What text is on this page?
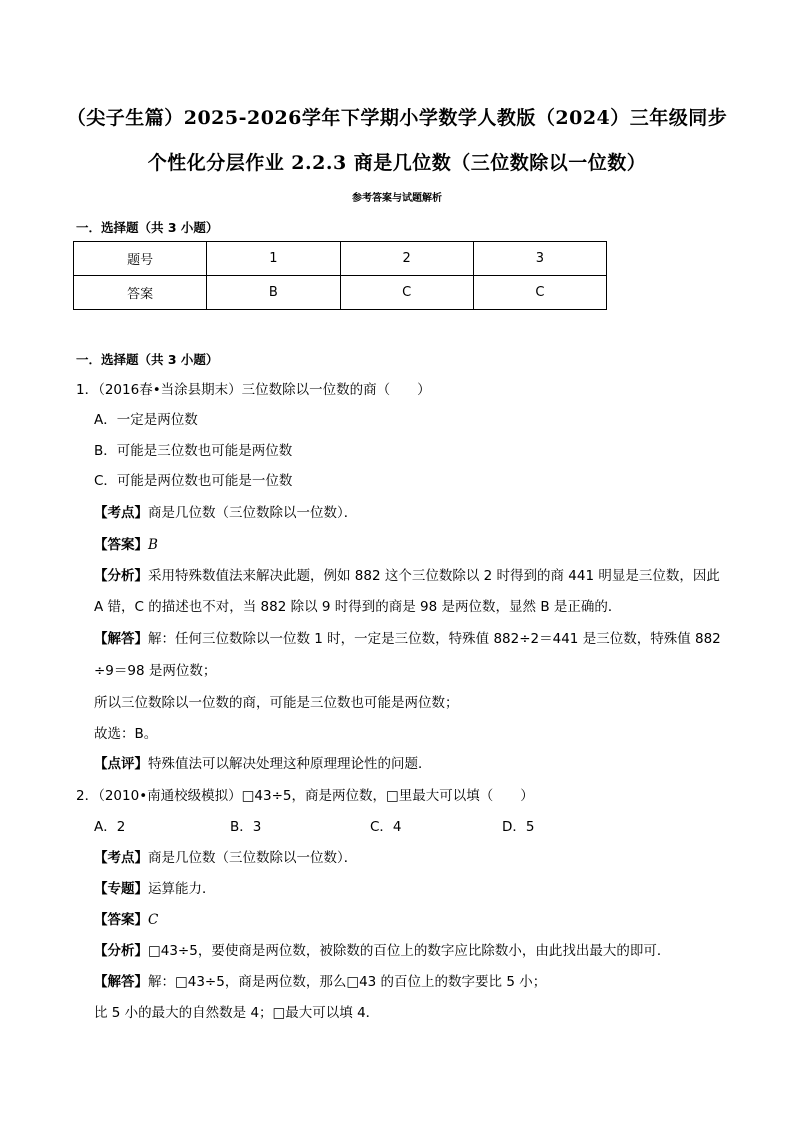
（尖子生篇）2025-2026学年下学期小学数学人教版（2024）三年级同步
个性化分层作业 2.2.3 商是几位数（三位数除以一位数）
参考答案与试题解析
一．选择题（共 3 小题）
题号	1	2	3
答案	B	C	C
一．选择题（共 3 小题）
1．（2016春•当涂县期末）三位数除以一位数的商（　　）
A．一定是两位数
B．可能是三位数也可能是两位数
C．可能是两位数也可能是一位数
【考点】商是几位数（三位数除以一位数）．
【答案】B
【分析】采用特殊数值法来解决此题，例如 882 这个三位数除以 2 时得到的商 441 明显是三位数，因此
A 错，C 的描述也不对，当 882 除以 9 时得到的商是 98 是两位数，显然 B 是正确的．
【解答】解：任何三位数除以一位数 1 时，一定是三位数，特殊值 882÷2＝441 是三位数，特殊值 882
÷9＝98 是两位数；
所以三位数除以一位数的商，可能是三位数也可能是两位数；
故选：B。
【点评】特殊值法可以解决处理这种原理理论性的问题．
2．（2010•南通校级模拟）□43÷5，商是两位数，□里最大可以填（　　）
A．2	B．3	C．4	D．5
【考点】商是几位数（三位数除以一位数）．
【专题】运算能力．
【答案】C
【分析】□43÷5，要使商是两位数，被除数的百位上的数字应比除数小，由此找出最大的即可．
【解答】解：□43÷5，商是两位数，那么□43 的百位上的数字要比 5 小；
比 5 小的最大的自然数是 4；□最大可以填 4．
